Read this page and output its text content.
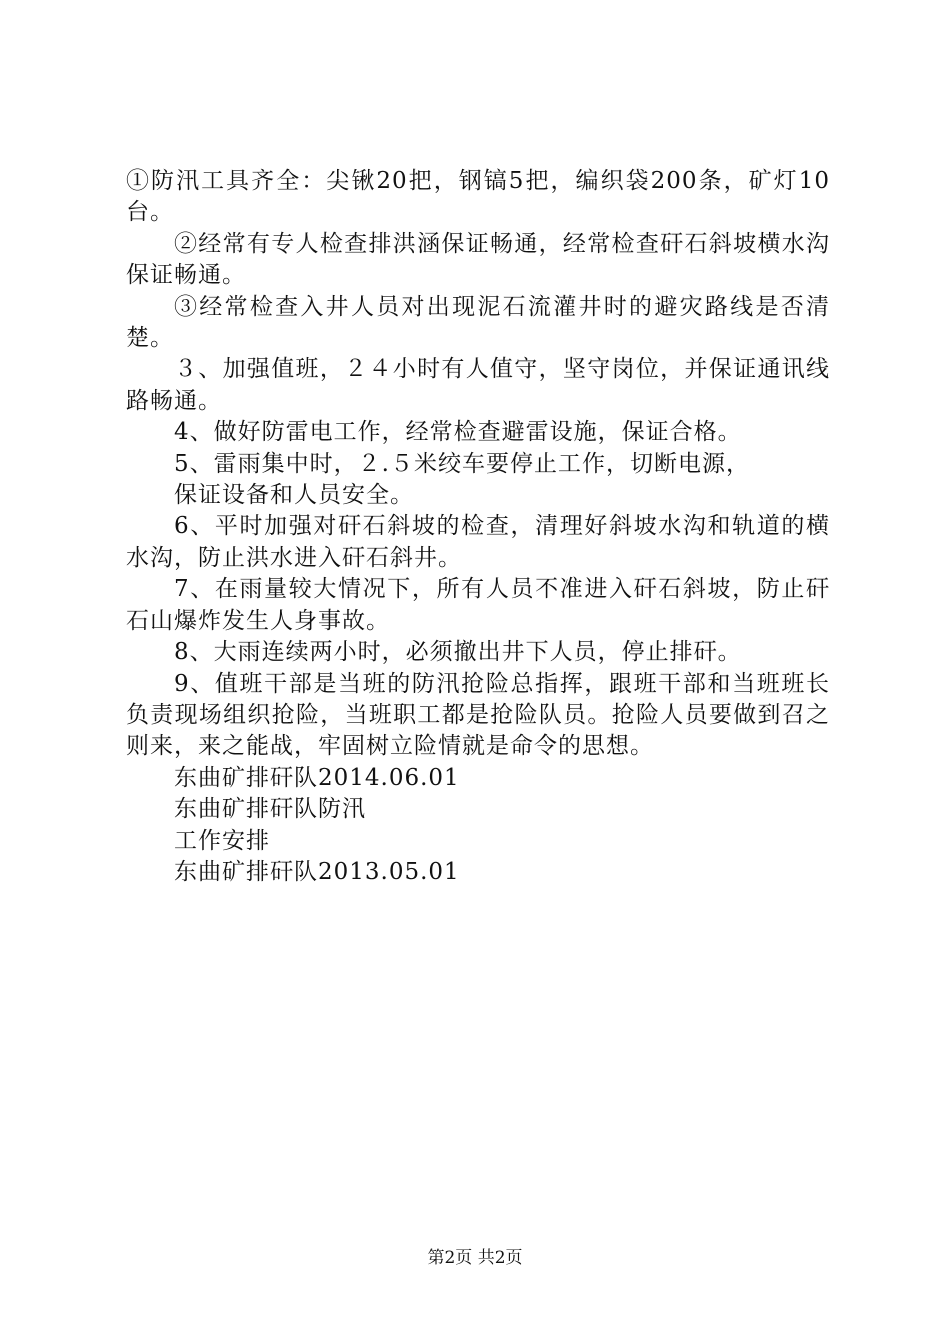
①防汛工具齐全：尖锹20把，钢镐5把，编织袋200条，矿灯10台。

②经常有专人检查排洪涵保证畅通，经常检查矸石斜坡横水沟保证畅通。

③经常检查入井人员对出现泥石流灌井时的避灾路线是否清楚。

３、加强值班，２４小时有人值守，坚守岗位，并保证通讯线路畅通。

4、做好防雷电工作，经常检查避雷设施，保证合格。

5、雷雨集中时，２.５米绞车要停止工作，切断电源，

保证设备和人员安全。

6、平时加强对矸石斜坡的检查，清理好斜坡水沟和轨道的横水沟，防止洪水进入矸石斜井。

7、在雨量较大情况下，所有人员不准进入矸石斜坡，防止矸石山爆炸发生人身事故。

8、大雨连续两小时，必须撤出井下人员，停止排矸。

9、值班干部是当班的防汛抢险总指挥，跟班干部和当班班长负责现场组织抢险，当班职工都是抢险队员。抢险人员要做到召之则来，来之能战，牢固树立险情就是命令的思想。

东曲矿排矸队2014.06.01

东曲矿排矸队防汛

工作安排

东曲矿排矸队2013.05.01

第2页 共2页
